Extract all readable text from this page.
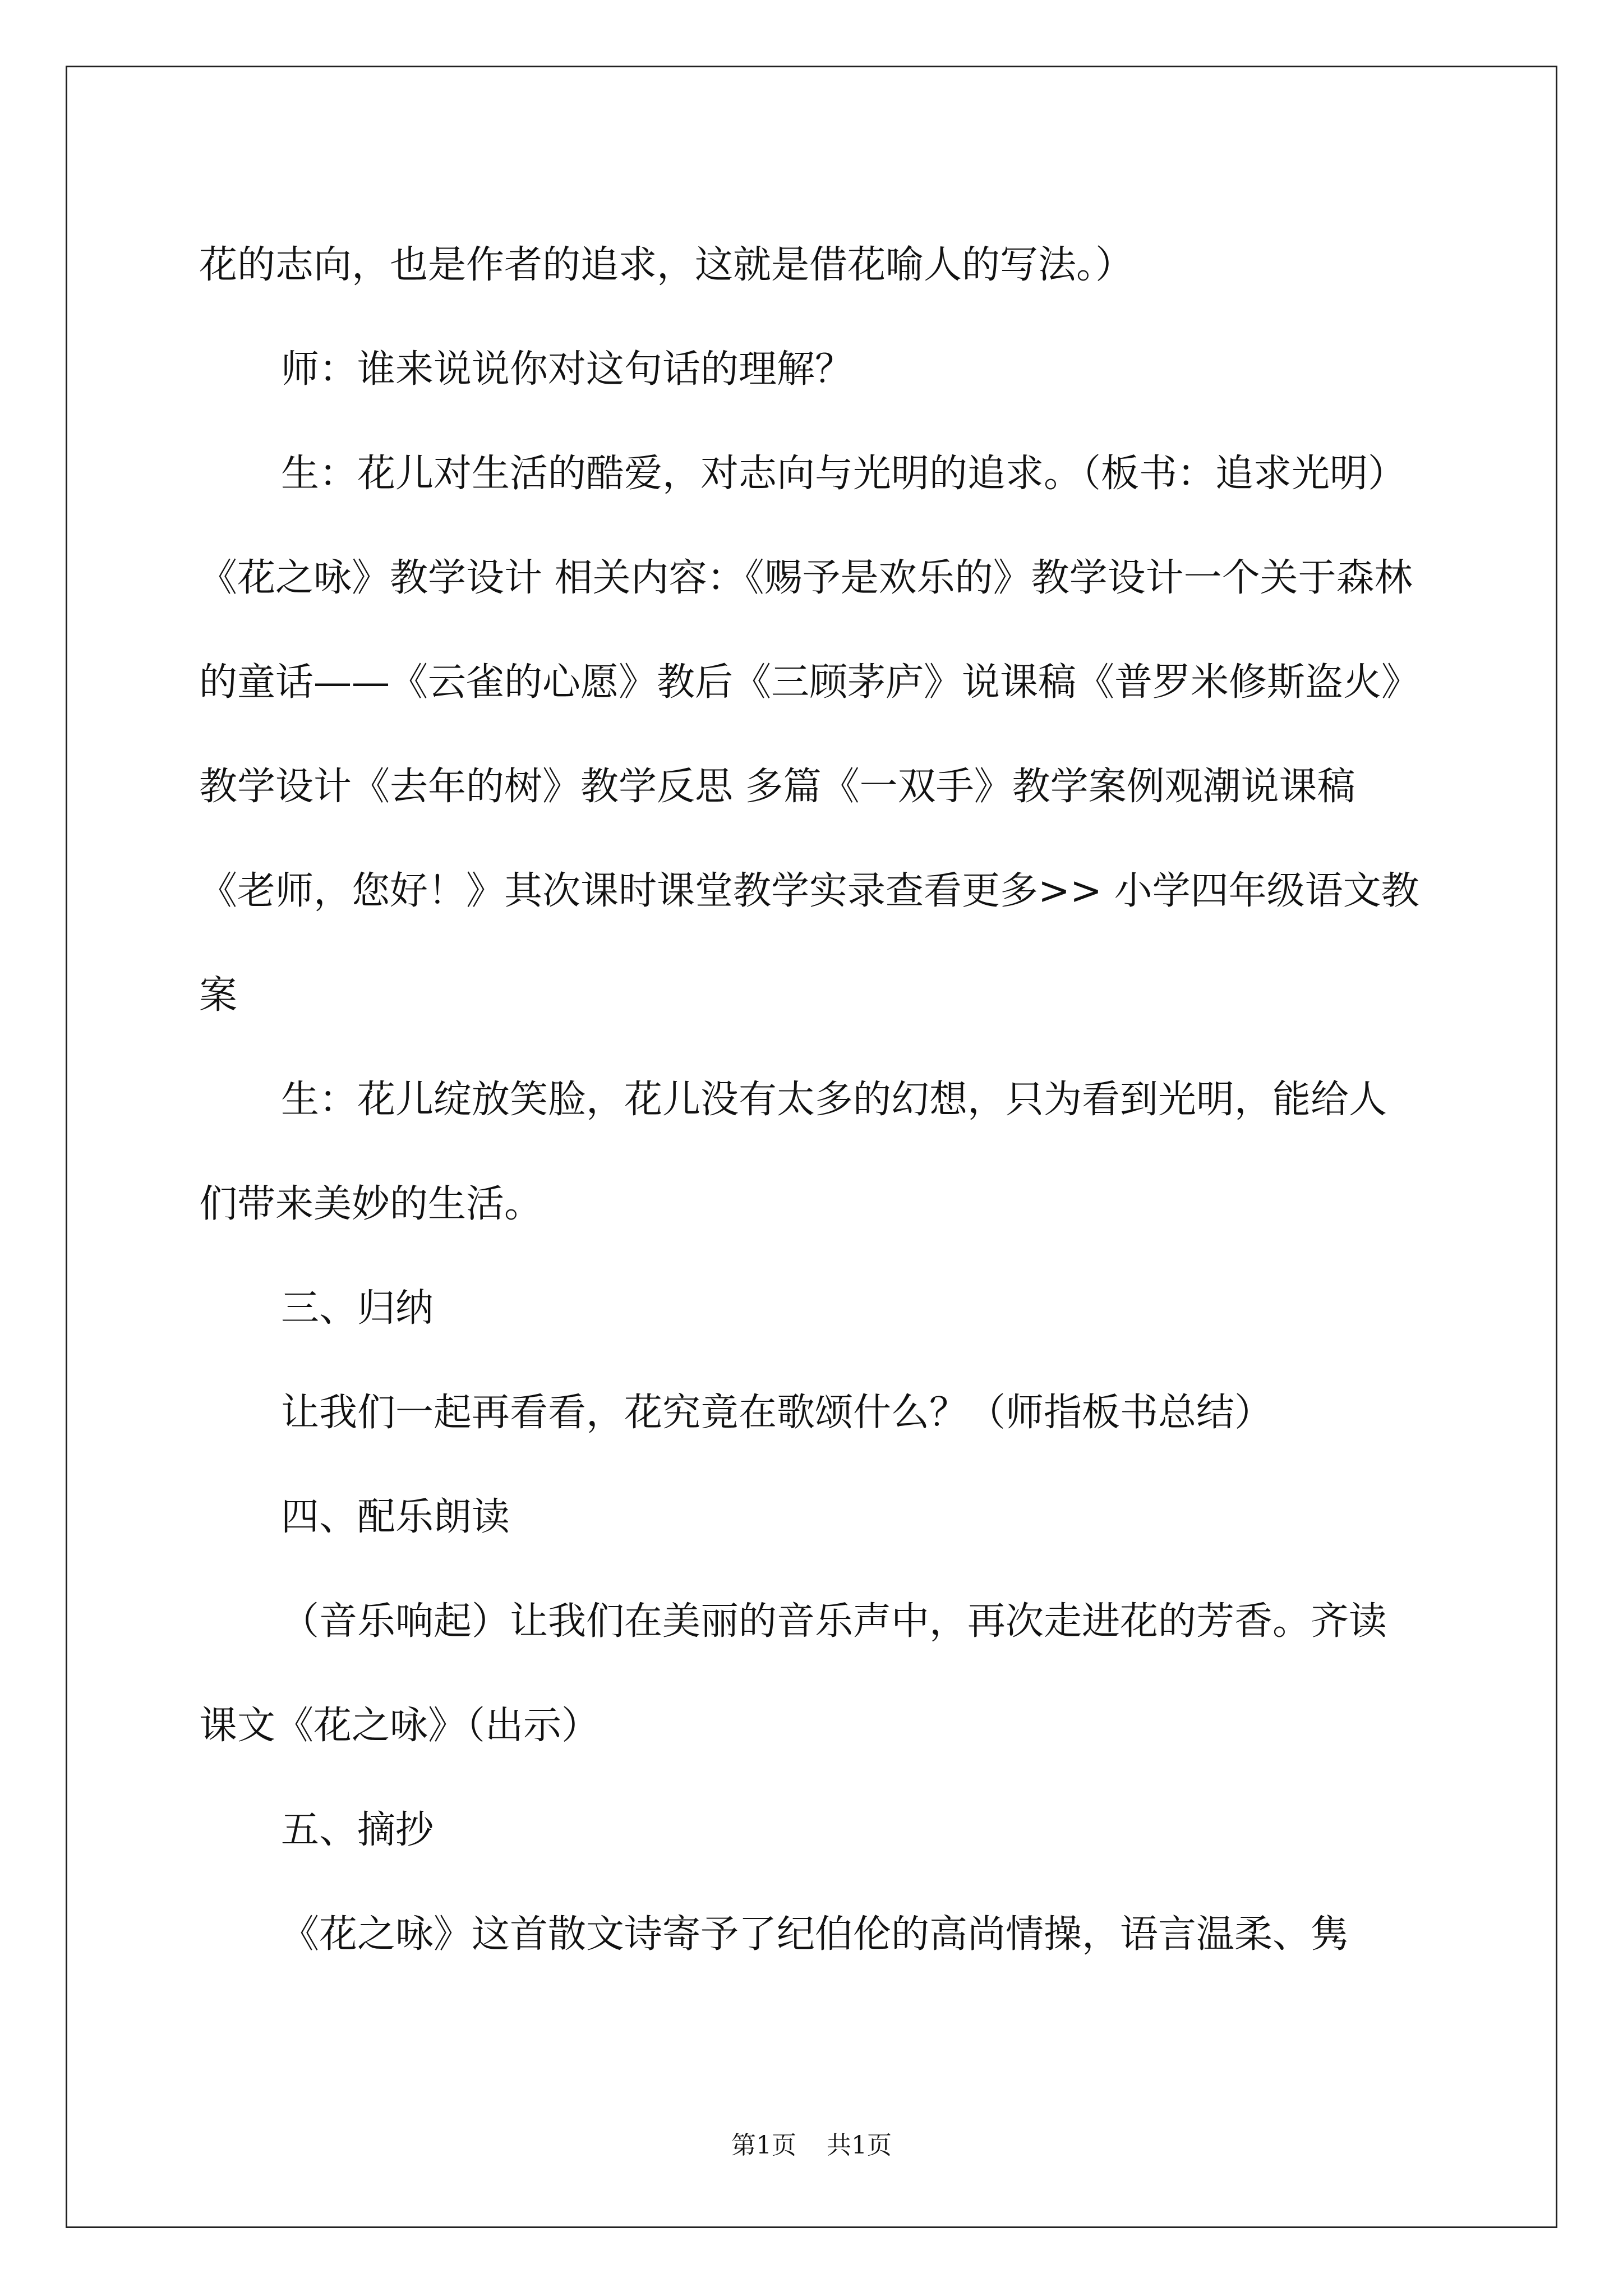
花的志向，也是作者的追求，这就是借花喻人的写法。）

师：谁来说说你对这句话的理解？

生：花儿对生活的酷爱，对志向与光明的追求。（板书：追求光明）《花之咏》教学设计 相关内容：《赐予是欢乐的》教学设计一个关于森林的童话——《云雀的心愿》教后《三顾茅庐》说课稿《普罗米修斯盗火》教学设计《去年的树》教学反思 多篇《一双手》教学案例观潮说课稿《老师，您好！》其次课时课堂教学实录查看更多>> 小学四年级语文教案

生：花儿绽放笑脸，花儿没有太多的幻想，只为看到光明，能给人们带来美妙的生活。

三、归纳

让我们一起再看看，花究竟在歌颂什么？（师指板书总结）

四、配乐朗读

（音乐响起）让我们在美丽的音乐声中，再次走进花的芳香。齐读课文《花之咏》（出示）

五、摘抄

《花之咏》这首散文诗寄予了纪伯伦的高尚情操，语言温柔、隽

第1页 共1页
